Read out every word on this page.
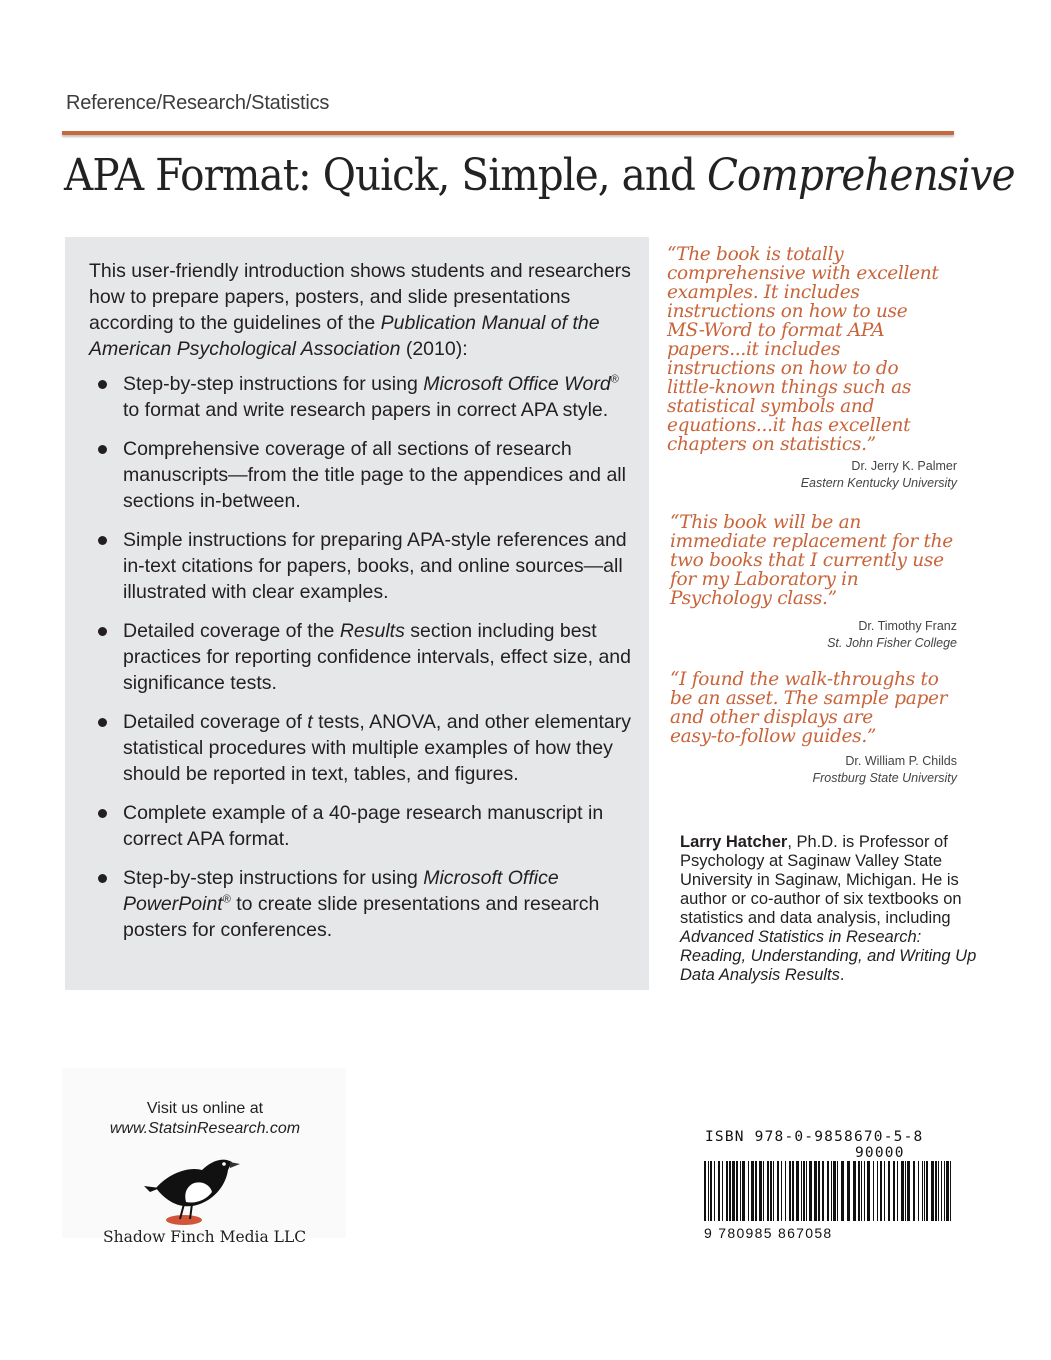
Reference/Research/Statistics
APA Format: Quick, Simple, and Comprehensive
This user-friendly introduction shows students and researchers how to prepare papers, posters, and slide presentations according to the guidelines of the Publication Manual of the American Psychological Association (2010):
Step-by-step instructions for using Microsoft Office Word® to format and write research papers in correct APA style.
Comprehensive coverage of all sections of research manuscripts—from the title page to the appendices and all sections in-between.
Simple instructions for preparing APA-style references and in-text citations for papers, books, and online sources—all illustrated with clear examples.
Detailed coverage of the Results section including best practices for reporting confidence intervals, effect size, and significance tests.
Detailed coverage of t tests, ANOVA, and other elementary statistical procedures with multiple examples of how they should be reported in text, tables, and figures.
Complete example of a 40-page research manuscript in correct APA format.
Step-by-step instructions for using Microsoft Office PowerPoint® to create slide presentations and research posters for conferences.
“The book is totally
comprehensive with excellent
examples. It includes
instructions on how to use
MS-Word to format APA
papers...it includes
instructions on how to do
little-known things such as
statistical symbols and
equations...it has excellent
chapters on statistics.”
Dr. Jerry K. Palmer
Eastern Kentucky University
“This book will be an
immediate replacement for the
two books that I currently use
for my Laboratory in
Psychology class.”
Dr. Timothy Franz
St. John Fisher College
“I found the walk-throughs to
be an asset. The sample paper
and other displays are
easy-to-follow guides.”
Dr. William P. Childs
Frostburg State University
Larry Hatcher, Ph.D. is Professor of Psychology at Saginaw Valley State University in Saginaw, Michigan. He is author or co-author of six textbooks on statistics and data analysis, including Advanced Statistics in Research: Reading, Understanding, and Writing Up Data Analysis Results.
Visit us online at
www.StatsinResearch.com
Shadow Finch Media LLC
ISBN 978-0-9858670-5-8
90000
9 780985 867058
